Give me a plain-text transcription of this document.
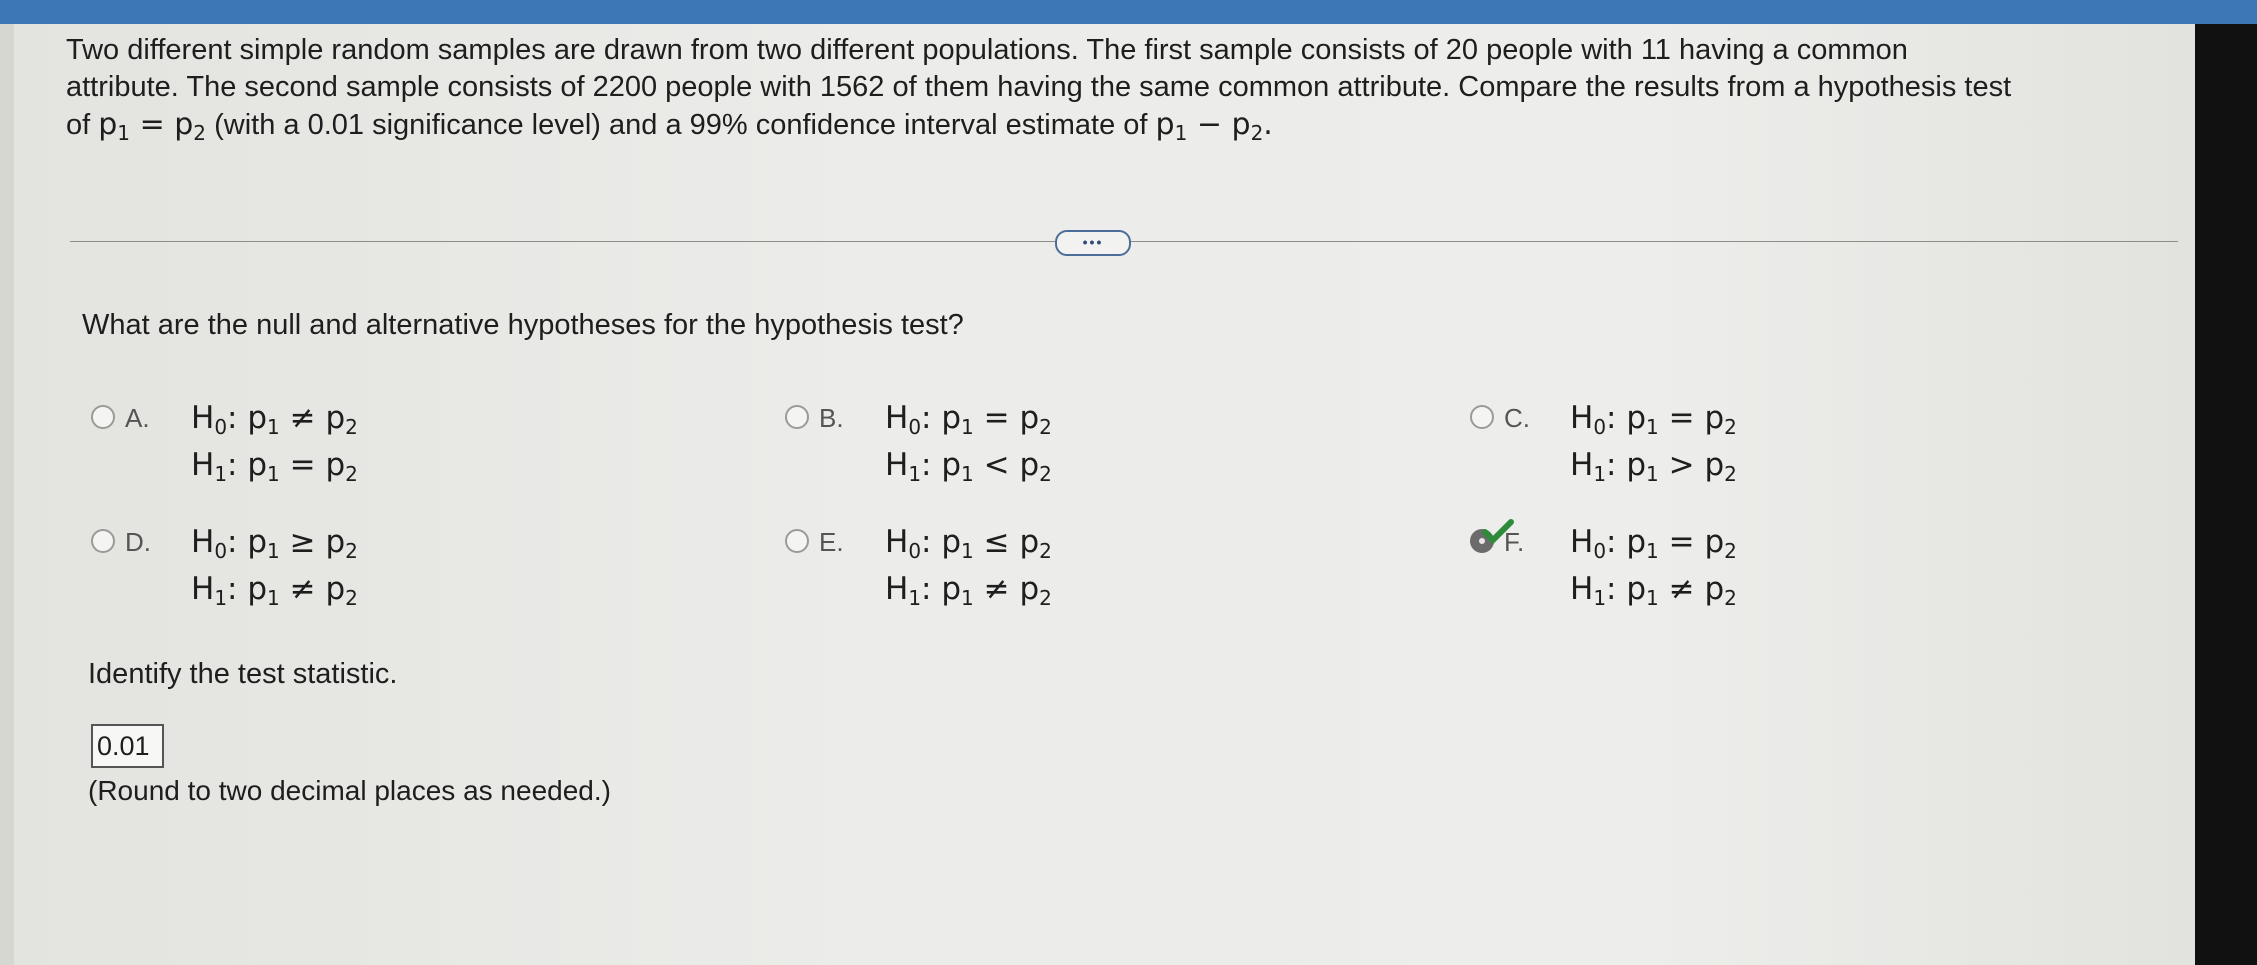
Two different simple random samples are drawn from two different populations. The first sample consists of 20 people with 11 having a common

attribute. The second sample consists of 2200 people with 1562 of them having the same common attribute. Compare the results from a hypothesis test

of $p_1 = p_2$ (with a 0.01 significance level) and a 99% confidence interval estimate of $p_1 - p_2$.

•••
What are the null and alternative hypotheses for the hypothesis test?
A. $H_0$: $p_1 \ne p_2$
$H_1$: $p_1 = p_2$
B. $H_0$: $p_1 = p_2$
$H_1$: $p_1 < p_2$
C. $H_0$: $p_1 = p_2$
$H_1$: $p_1 > p_2$
D. $H_0$: $p_1 \ge p_2$
$H_1$: $p_1 \ne p_2$
E. $H_0$: $p_1 \le p_2$
$H_1$: $p_1 \ne p_2$
F. $H_0$: $p_1 = p_2$
$H_1$: $p_1 \ne p_2$
Identify the test statistic.
0.01
(Round to two decimal places as needed.)
